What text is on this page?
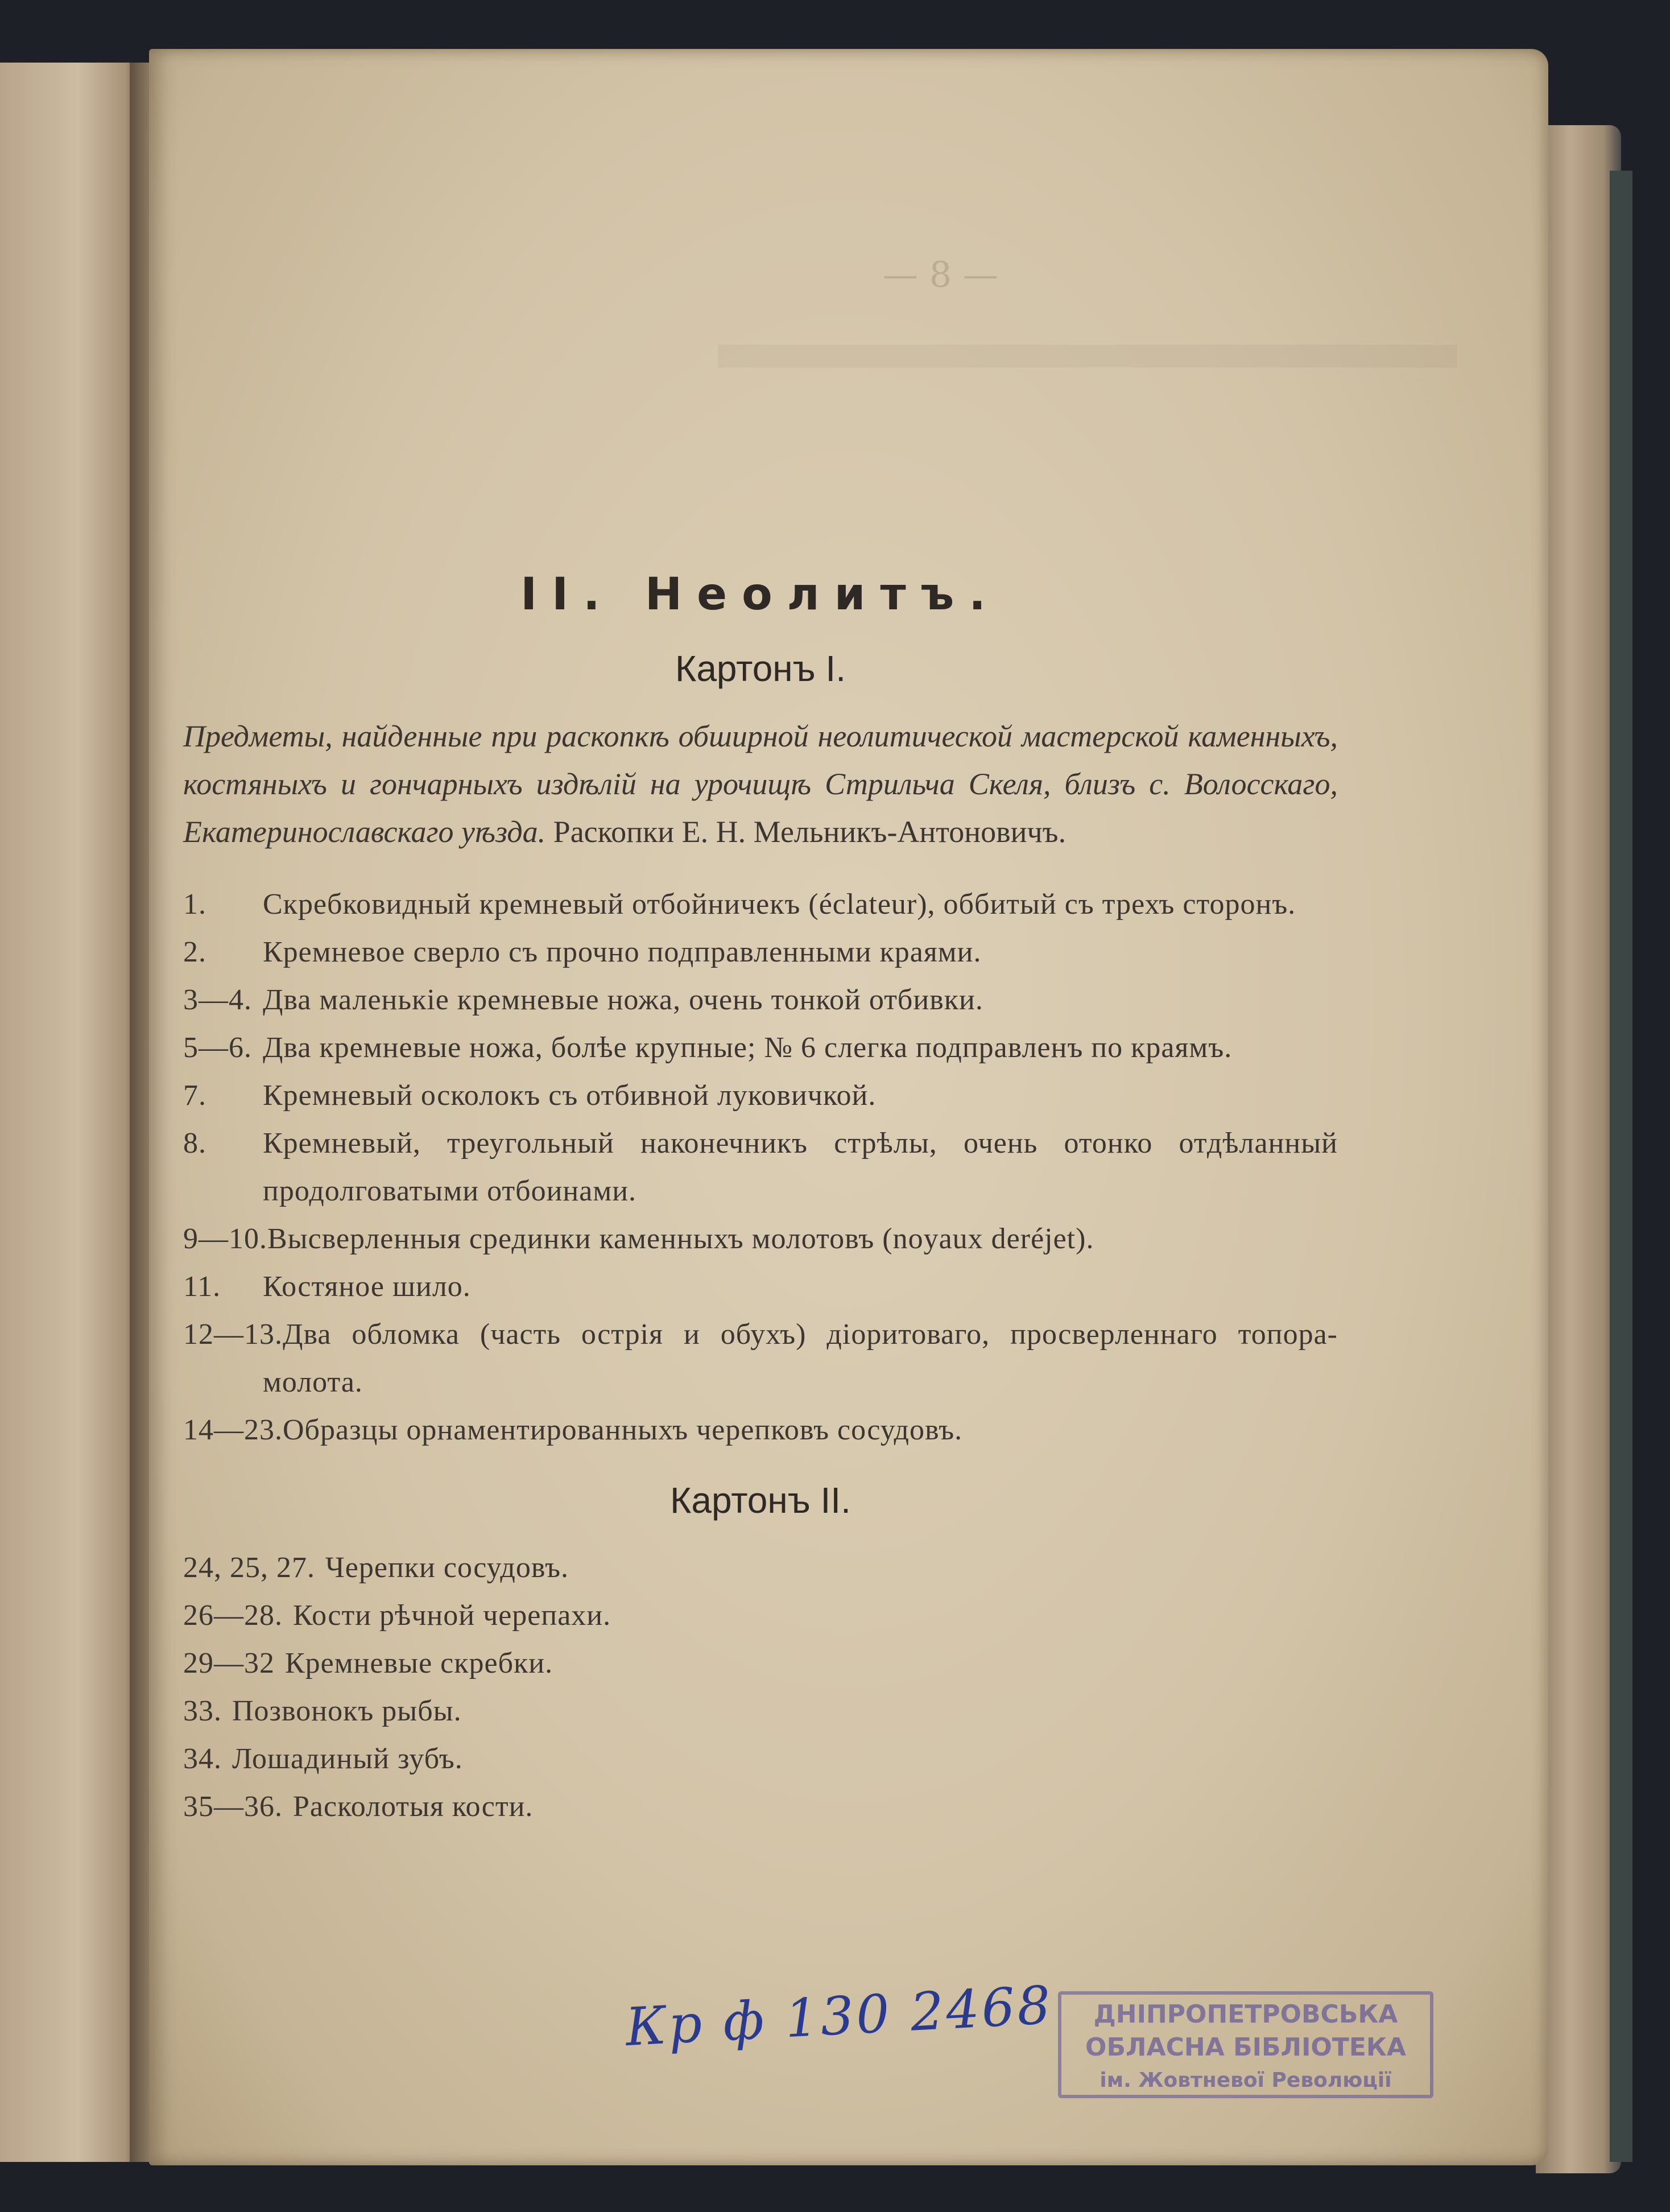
— 8 —
II. Неолитъ.
Картонъ I.

Предметы, найденные при раскопкѣ обширной неолитической мастерской каменныхъ, костяныхъ и гончарныхъ издѣлій на урочищѣ Стрильча Скеля, близъ с. Волосскаго, Екатеринославскаго уѣзда. Раскопки Е. Н. Мельникъ-Антоновичъ.

1. Скребковидный кремневый отбойничекъ (éclateur), оббитый съ трехъ сторонъ.
2. Кремневое сверло съ прочно подправленными краями.
3—4. Два маленькіе кремневые ножа, очень тонкой отбивки.
5—6. Два кремневые ножа, болѣе крупные; № 6 слегка подправленъ по краямъ.
7. Кремневый осколокъ съ отбивной луковичкой.
8. Кремневый, треугольный наконечникъ стрѣлы, очень отонко отдѣланный продолговатыми отбоинами.
9—10.Высверленныя срединки каменныхъ молотовъ (noyaux deréjet).
11. Костяное шило.
12—13.Два обломка (часть острія и обухъ) діоритоваго, просверленнаго топора-молота.
14—23.Образцы орнаментированныхъ черепковъ сосудовъ.
Картонъ II.
24, 25, 27. Черепки сосудовъ.
26—28. Кости рѣчной черепахи.
29—32 Кремневые скребки.
33. Позвонокъ рыбы.
34. Лошадиный зубъ.
35—36. Расколотыя кости.
Кр ф 130 2468	ДНІПРОПЕТРОВСЬКА
ОБЛАСНА БІБЛІОТЕКА
ім. Жовтневої Революції
